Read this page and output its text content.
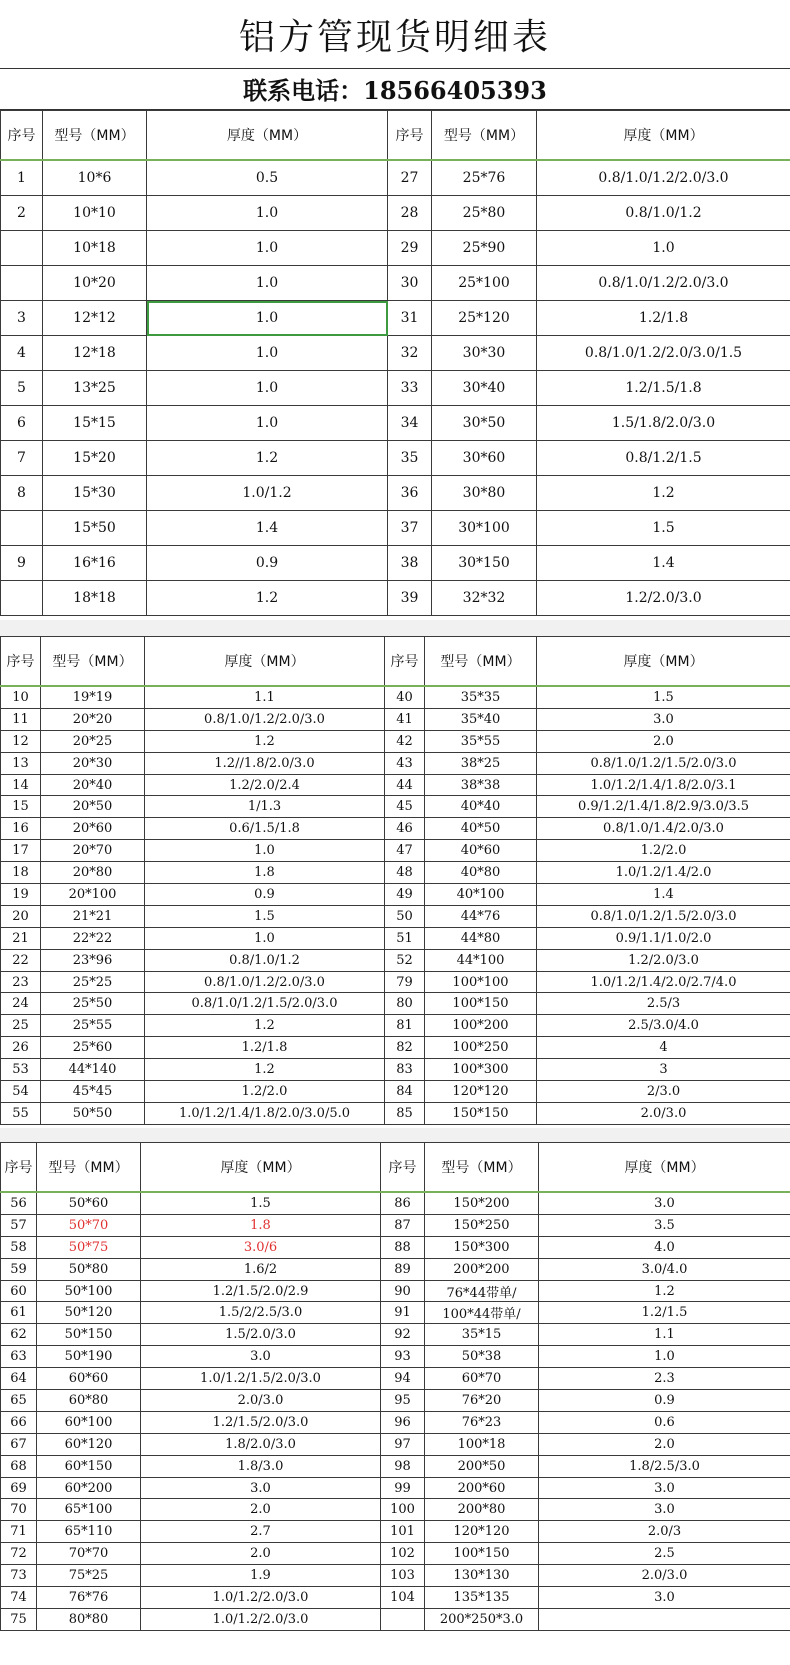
铝方管现货明细表
联系电话：18566405393
序号	型号（MM）	厚度（MM）	序号	型号（MM）	厚度（MM）
1	10*6	0.5	27	25*76	0.8/1.0/1.2/2.0/3.0
2	10*10	1.0	28	25*80	0.8/1.0/1.2
	10*18	1.0	29	25*90	1.0
	10*20	1.0	30	25*100	0.8/1.0/1.2/2.0/3.0
3	12*12	1.0	31	25*120	1.2/1.8
4	12*18	1.0	32	30*30	0.8/1.0/1.2/2.0/3.0/1.5
5	13*25	1.0	33	30*40	1.2/1.5/1.8
6	15*15	1.0	34	30*50	1.5/1.8/2.0/3.0
7	15*20	1.2	35	30*60	0.8/1.2/1.5
8	15*30	1.0/1.2	36	30*80	1.2
	15*50	1.4	37	30*100	1.5
9	16*16	0.9	38	30*150	1.4
	18*18	1.2	39	32*32	1.2/2.0/3.0
序号	型号（MM）	厚度（MM）	序号	型号（MM）	厚度（MM）
10	19*19	1.1	40	35*35	1.5
11	20*20	0.8/1.0/1.2/2.0/3.0	41	35*40	3.0
12	20*25	1.2	42	35*55	2.0
13	20*30	1.2//1.8/2.0/3.0	43	38*25	0.8/1.0/1.2/1.5/2.0/3.0
14	20*40	1.2/2.0/2.4	44	38*38	1.0/1.2/1.4/1.8/2.0/3.1
15	20*50	1/1.3	45	40*40	0.9/1.2/1.4/1.8/2.9/3.0/3.5
16	20*60	0.6/1.5/1.8	46	40*50	0.8/1.0/1.4/2.0/3.0
17	20*70	1.0	47	40*60	1.2/2.0
18	20*80	1.8	48	40*80	1.0/1.2/1.4/2.0
19	20*100	0.9	49	40*100	1.4
20	21*21	1.5	50	44*76	0.8/1.0/1.2/1.5/2.0/3.0
21	22*22	1.0	51	44*80	0.9/1.1/1.0/2.0
22	23*96	0.8/1.0/1.2	52	44*100	1.2/2.0/3.0
23	25*25	0.8/1.0/1.2/2.0/3.0	79	100*100	1.0/1.2/1.4/2.0/2.7/4.0
24	25*50	0.8/1.0/1.2/1.5/2.0/3.0	80	100*150	2.5/3
25	25*55	1.2	81	100*200	2.5/3.0/4.0
26	25*60	1.2/1.8	82	100*250	4
53	44*140	1.2	83	100*300	3
54	45*45	1.2/2.0	84	120*120	2/3.0
55	50*50	1.0/1.2/1.4/1.8/2.0/3.0/5.0	85	150*150	2.0/3.0
序号	型号（MM）	厚度（MM）	序号	型号（MM）	厚度（MM）
56	50*60	1.5	86	150*200	3.0
57	50*70	1.8	87	150*250	3.5
58	50*75	3.0/6	88	150*300	4.0
59	50*80	1.6/2	89	200*200	3.0/4.0
60	50*100	1.2/1.5/2.0/2.9	90	76*44带单/	1.2
61	50*120	1.5/2/2.5/3.0	91	100*44带单/	1.2/1.5
62	50*150	1.5/2.0/3.0	92	35*15	1.1
63	50*190	3.0	93	50*38	1.0
64	60*60	1.0/1.2/1.5/2.0/3.0	94	60*70	2.3
65	60*80	2.0/3.0	95	76*20	0.9
66	60*100	1.2/1.5/2.0/3.0	96	76*23	0.6
67	60*120	1.8/2.0/3.0	97	100*18	2.0
68	60*150	1.8/3.0	98	200*50	1.8/2.5/3.0
69	60*200	3.0	99	200*60	3.0
70	65*100	2.0	100	200*80	3.0
71	65*110	2.7	101	120*120	2.0/3
72	70*70	2.0	102	100*150	2.5
73	75*25	1.9	103	130*130	2.0/3.0
74	76*76	1.0/1.2/2.0/3.0	104	135*135	3.0
75	80*80	1.0/1.2/2.0/3.0		200*250*3.0	
